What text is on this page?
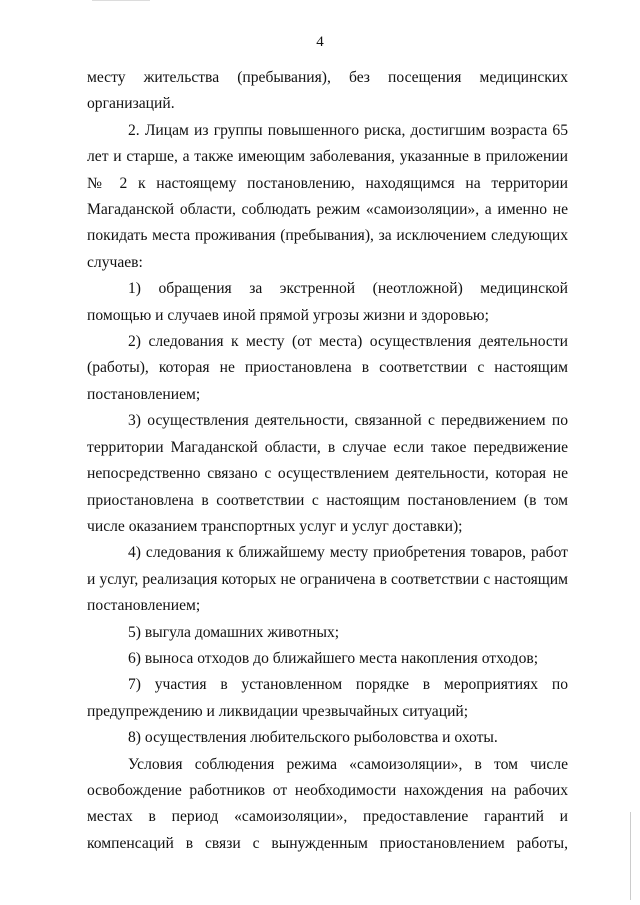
4

месту жительства (пребывания), без посещения медицинских организаций.

2. Лицам из группы повышенного риска, достигшим возраста 65 лет и старше, а также имеющим заболевания, указанные в приложении № 2 к настоящему постановлению, находящимся на территории Магаданской области, соблюдать режим «самоизоляции», а именно не покидать места проживания (пребывания), за исключением следующих случаев:

1) обращения за экстренной (неотложной) медицинской помощью и случаев иной прямой угрозы жизни и здоровью;

2) следования к месту (от места) осуществления деятельности (работы), которая не приостановлена в соответствии с настоящим постановлением;

3) осуществления деятельности, связанной с передвижением по территории Магаданской области, в случае если такое передвижение непосредственно связано с осуществлением деятельности, которая не приостановлена в соответствии с настоящим постановлением (в том числе оказанием транспортных услуг и услуг доставки);

4) следования к ближайшему месту приобретения товаров, работ и услуг, реализация которых не ограничена в соответствии с настоящим постановлением;

5) выгула домашних животных;

6) выноса отходов до ближайшего места накопления отходов;

7) участия в установленном порядке в мероприятиях по предупреждению и ликвидации чрезвычайных ситуаций;

8) осуществления любительского рыболовства и охоты.

Условия соблюдения режима «самоизоляции», в том числе освобождение работников от необходимости нахождения на рабочих местах в период «самоизоляции», предоставление гарантий и компенсаций в связи с вынужденным приостановлением работы,
